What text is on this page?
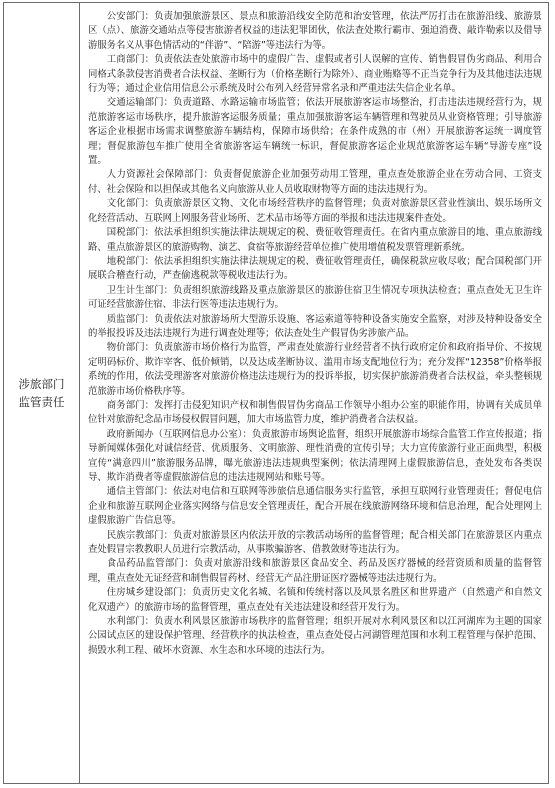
涉旅部门监管责任

公安部门：负责加强旅游景区、景点和旅游沿线安全防范和治安管理，依法严厉打击在旅游沿线、旅游景区（点）、旅游交通站点等侵害旅游者权益的违法犯罪团伙，依法查处欺行霸市、强迫消费、敲诈勒索以及借导游服务名义从事色情活动的“伴游”、“陪游”等违法行为等。

工商部门：负责依法查处旅游市场中的虚假广告、虚假或者引人误解的宣传、销售假冒伪劣商品、利用合同格式条款侵害消费者合法权益、垄断行为（价格垄断行为除外）、商业贿赂等不正当竞争行为及其他违法违规行为等；通过企业信用信息公示系统及时公布列入经营异常名录和严重违法失信企业名单。

交通运输部门：负责道路、水路运输市场监管；依法开展旅游客运市场整治，打击违法违规经营行为，规范旅游客运市场秩序，提升旅游客运服务质量；重点加强旅游客运车辆管理和驾驶员从业资格管理；引导旅游客运企业根据市场需求调整旅游车辆结构，保障市场供给；在条件成熟的市（州）开展旅游客运统一调度管理；督促旅游包车推广使用全省旅游客运车辆统一标识，督促旅游客运企业规范旅游客运车辆“导游专座”设置。

人力资源社会保障部门：负责督促旅游企业加强劳动用工管理，重点查处旅游企业在劳动合同、工资支付、社会保险和以担保或其他名义向旅游从业人员收取财物等方面的违法违规行为。

文化部门：负责旅游景区文物、文化市场经营秩序的监督管理；负责对旅游景区营业性演出、娱乐场所文化经营活动、互联网上网服务营业场所、艺术品市场等方面的举报和违法违规案件查处。

国税部门：依法承担组织实施法律法规规定的税、费征收管理责任。在省内重点旅游目的地、重点旅游线路、重点旅游景区的旅游购物、演艺、食宿等旅游经营单位推广使用增值税发票管理新系统。

地税部门：依法承担组织实施法律法规规定的税、费征收管理责任，确保税款应收尽收；配合国税部门开展联合稽查行动，严查偷逃税款等税收违法行为。

卫生计生部门：负责组织旅游线路及重点旅游景区的旅游住宿卫生情况专项执法检查；重点查处无卫生许可证经营旅游住宿、非法行医等违法违规行为。

质监部门：负责依法对旅游场所大型游乐设施、客运索道等特种设备实施安全监察，对涉及特种设备安全的举报投诉及违法违规行为进行调查处理等；依法查处生产假冒伪劣涉旅产品。

物价部门：负责旅游市场价格行为监管，严肃查处旅游行业经营者不执行政府定价和政府指导价、不按规定明码标价、欺诈宰客、低价倾销，以及达成垄断协议、滥用市场支配地位行为；充分发挥“12358”价格举报系统的作用，依法受理游客对旅游价格违法违规行为的投诉举报，切实保护旅游消费者合法权益，牵头整顿规范旅游市场价格秩序等。

商务部门：发挥打击侵犯知识产权和制售假冒伪劣商品工作领导小组办公室的职能作用，协调有关成员单位针对旅游纪念品市场侵权假冒问题，加大市场监管力度，维护消费者合法权益。

政府新闻办（互联网信息办公室）：负责旅游市场舆论监督，组织开展旅游市场综合监管工作宣传报道；指导新闻媒体强化对诚信经营、优质服务、文明旅游、理性消费的宣传引导；大力宣传旅游行业正面典型，积极宣传“满意四川”旅游服务品牌，曝光旅游违法违规典型案例；依法清理网上虚假旅游信息，查处发布各类误导、欺诈消费者等虚假旅游信息的违法违规网站和账号等。

通信主管部门：依法对电信和互联网等涉旅信息通信服务实行监管，承担互联网行业管理责任；督促电信企业和旅游互联网企业落实网络与信息安全管理责任，配合开展在线旅游网络环境和信息治理，配合处理网上虚假旅游广告信息等。

民族宗教部门：负责对旅游景区内依法开放的宗教活动场所的监督管理；配合相关部门在旅游景区内重点查处假冒宗教教职人员进行宗教活动，从事欺骗游客、借教敛财等违法行为。

食品药品监管部门：负责对旅游沿线和旅游景区食品安全、药品及医疗器械的经营资质和质量的监督管理，重点查处无证经营和制售假冒药材、经营无产品注册证医疗器械等违法违规行为。

住房城乡建设部门：负责历史文化名城、名镇和传统村落以及风景名胜区和世界遗产（自然遗产和自然文化双遗产）的旅游市场的监督管理，重点查处有关违法建设和经营开发行为。

水利部门：负责水利风景区旅游市场秩序的监督管理；组织开展对水利风景区和以江河湖库为主题的国家公园试点区的建设保护管理、经营秩序的执法检查，重点查处侵占河湖管理范围和水利工程管理与保护范围、损毁水利工程、破坏水资源、水生态和水环境的违法行为。
